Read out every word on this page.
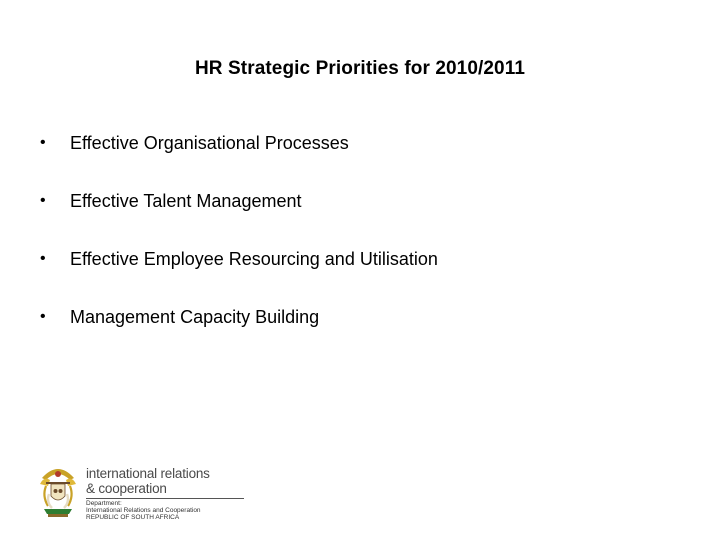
HR Strategic Priorities for 2010/2011
•	Effective Organisational Processes
•	Effective Talent Management
•	Effective Employee Resourcing and Utilisation
•	Management Capacity Building
international relations
& cooperation
Department:
International Relations and Cooperation
REPUBLIC OF SOUTH AFRICA
